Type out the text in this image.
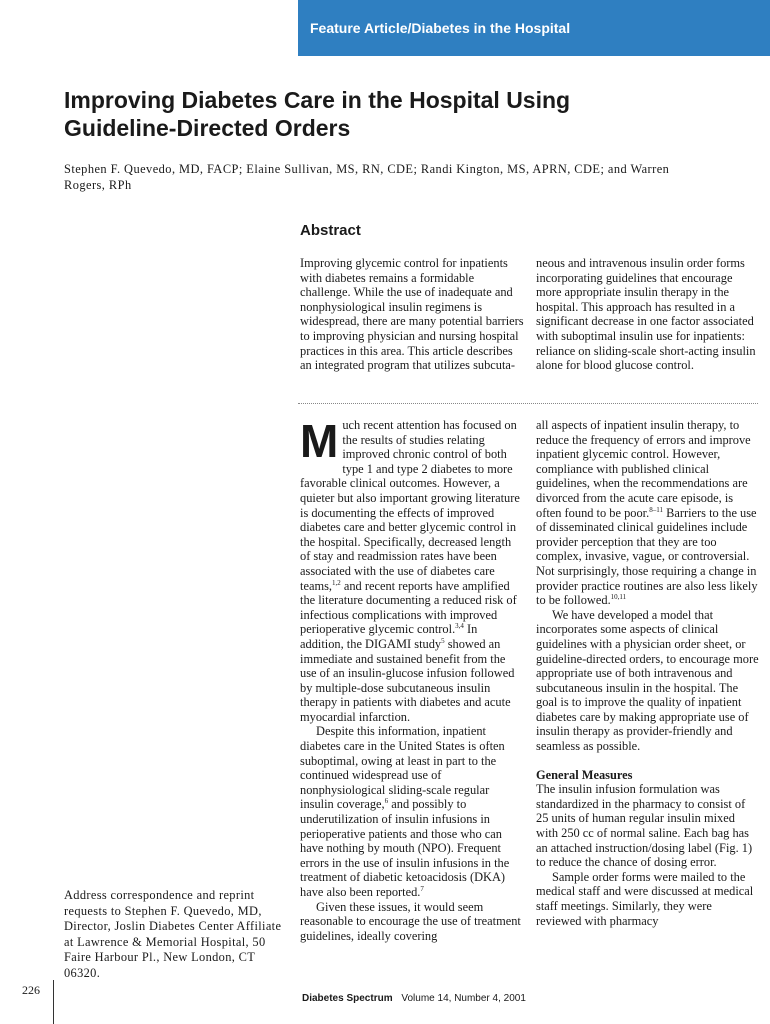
Feature Article/Diabetes in the Hospital
Improving Diabetes Care in the Hospital Using Guideline-Directed Orders
Stephen F. Quevedo, MD, FACP; Elaine Sullivan, MS, RN, CDE; Randi Kington, MS, APRN, CDE; and Warren Rogers, RPh
Abstract

Improving glycemic control for inpatients with diabetes remains a formidable challenge. While the use of inadequate and nonphysiological insulin regimens is widespread, there are many potential barriers to improving physician and nursing hospital practices in this area. This article describes an integrated program that utilizes subcuta-

neous and intravenous insulin order forms incorporating guidelines that encourage more appropriate insulin therapy in the hospital. This approach has resulted in a significant decrease in one factor associated with suboptimal insulin use for inpatients: reliance on sliding-scale short-acting insulin alone for blood glucose control.

Much recent attention has focused on the results of studies relating improved chronic control of both type 1 and type 2 diabetes to more favorable clinical outcomes. However, a quieter but also important growing literature is documenting the effects of improved diabetes care and better glycemic control in the hospital. Specifically, decreased length of stay and readmission rates have been associated with the use of diabetes care teams,$^{1,2}$ and recent reports have amplified the literature documenting a reduced risk of infectious complications with improved perioperative glycemic control.$^{3,4}$ In addition, the DIGAMI study$^5$ showed an immediate and sustained benefit from the use of an insulin-glucose infusion followed by multiple-dose subcutaneous insulin therapy in patients with diabetes and acute myocardial infarction.

Despite this information, inpatient diabetes care in the United States is often suboptimal, owing at least in part to the continued widespread use of nonphysiological sliding-scale regular insulin coverage,$^6$ and possibly to underutilization of insulin infusions in perioperative patients and those who can have nothing by mouth (NPO). Frequent errors in the use of insulin infusions in the treatment of diabetic ketoacidosis (DKA) have also been reported.$^7$

Given these issues, it would seem reasonable to encourage the use of treatment guidelines, ideally covering

all aspects of inpatient insulin therapy, to reduce the frequency of errors and improve inpatient glycemic control. However, compliance with published clinical guidelines, when the recommendations are divorced from the acute care episode, is often found to be poor.$^{8-11}$ Barriers to the use of disseminated clinical guidelines include provider perception that they are too complex, invasive, vague, or controversial. Not surprisingly, those requiring a change in provider practice routines are also less likely to be followed.$^{10,11}$

We have developed a model that incorporates some aspects of clinical guidelines with a physician order sheet, or guideline-directed orders, to encourage more appropriate use of both intravenous and subcutaneous insulin in the hospital. The goal is to improve the quality of inpatient diabetes care by making appropriate use of insulin therapy as provider-friendly and seamless as possible.

General Measures

The insulin infusion formulation was standardized in the pharmacy to consist of 25 units of human regular insulin mixed with 250 cc of normal saline. Each bag has an attached instruction/dosing label (Fig. 1) to reduce the chance of dosing error.

Sample order forms were mailed to the medical staff and were discussed at medical staff meetings. Similarly, they were reviewed with pharmacy

Address correspondence and reprint requests to Stephen F. Quevedo, MD, Director, Joslin Diabetes Center Affiliate at Lawrence & Memorial Hospital, 50 Faire Harbour Pl., New London, CT 06320.
226
Diabetes Spectrum Volume 14, Number 4, 2001
